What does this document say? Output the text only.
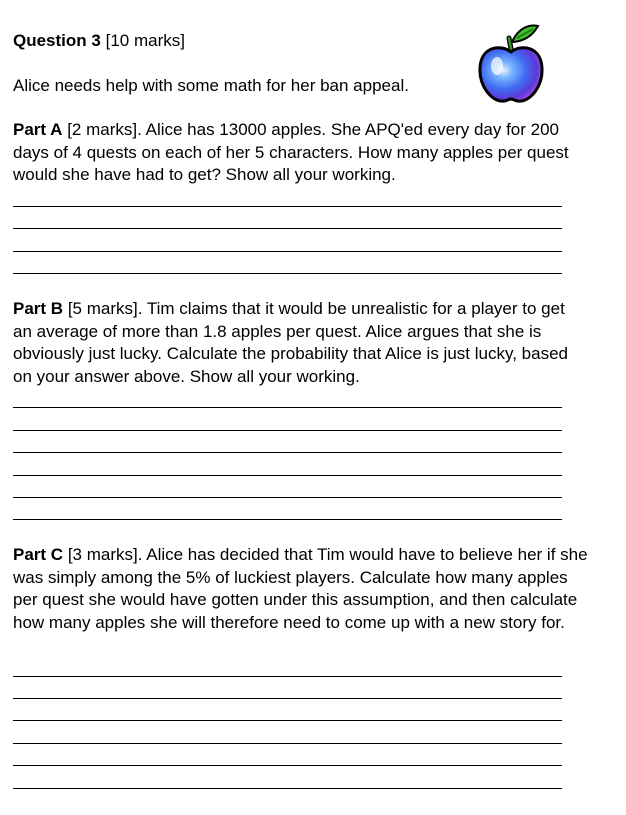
Question 3 [10 marks]
Alice needs help with some math for her ban appeal.
Part A [2 marks]. Alice has 13000 apples. She APQ'ed every day for 200 days of 4 quests on each of her 5 characters. How many apples per quest would she have had to get? Show all your working.
Part B [5 marks]. Tim claims that it would be unrealistic for a player to get an average of more than 1.8 apples per quest. Alice argues that she is obviously just lucky. Calculate the probability that Alice is just lucky, based on your answer above. Show all your working.
Part C [3 marks]. Alice has decided that Tim would have to believe her if she was simply among the 5% of luckiest players. Calculate how many apples per quest she would have gotten under this assumption, and then calculate how many apples she will therefore need to come up with a new story for.
